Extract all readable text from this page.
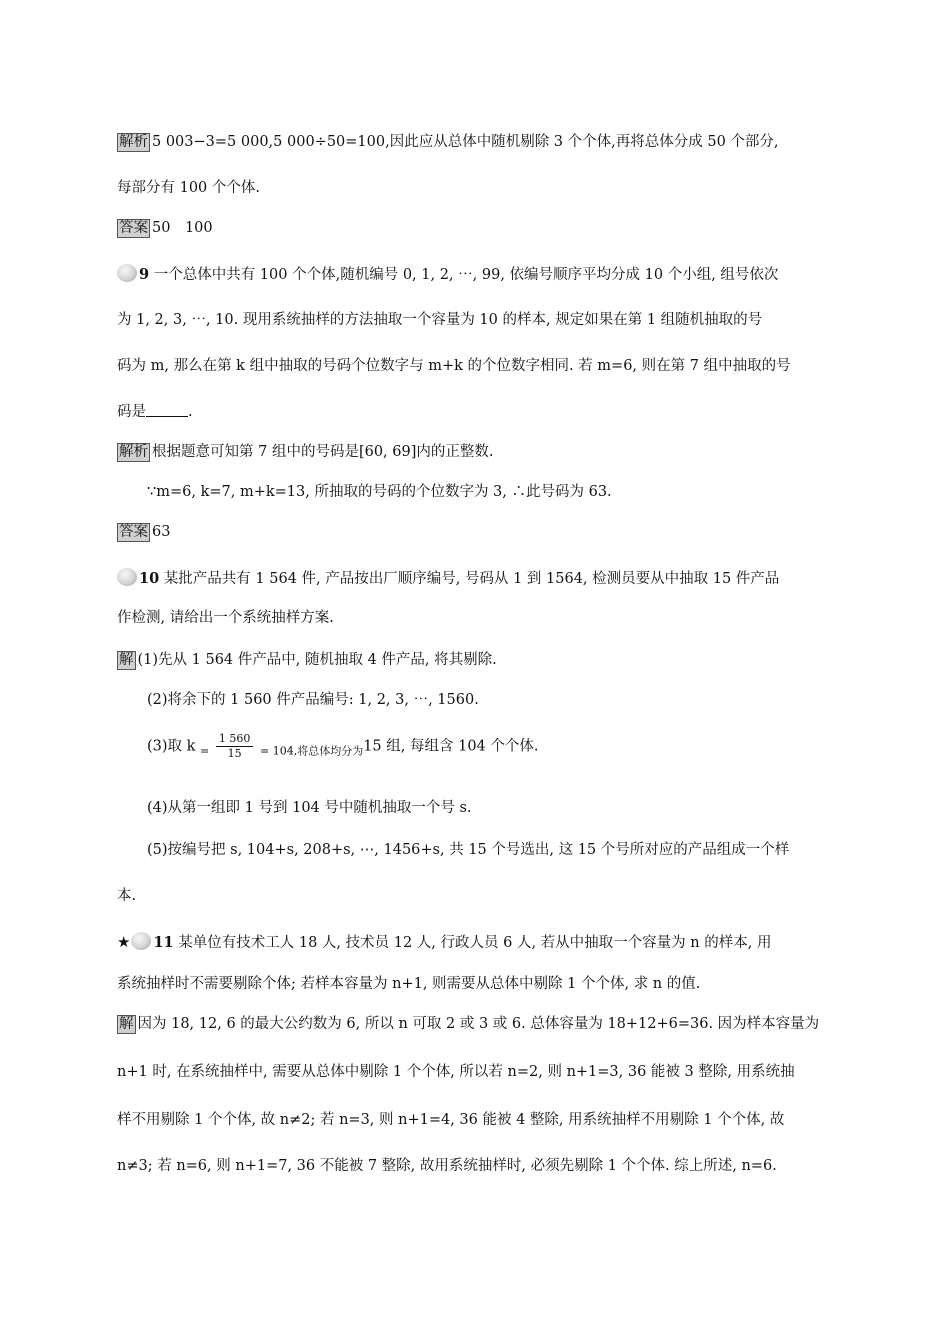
解析 5 003−3=5 000,5 000÷50=100,因此应从总体中随机剔除 3 个个体,再将总体分成 50 个部分,
每部分有 100 个个体.
答案 50　100
9 一个总体中共有 100 个个体,随机编号 0, 1, 2, ⋯, 99, 依编号顺序平均分成 10 个小组, 组号依次
为 1, 2, 3, ⋯, 10. 现用系统抽样的方法抽取一个容量为 10 的样本, 规定如果在第 1 组随机抽取的号
码为 m, 那么在第 k 组中抽取的号码个位数字与 m+k 的个位数字相同. 若 m=6, 则在第 7 组中抽取的号
码是	.
解析 根据题意可知第 7 组中的号码是[60, 69]内的正整数.
∵m=6, k=7, m+k=13, 所抽取的号码的个位数字为 3, ∴此号码为 63.
答案 63
10 某批产品共有 1 564 件, 产品按出厂顺序编号, 号码从 1 到 1564, 检测员要从中抽取 15 件产品
作检测, 请给出一个系统抽样方案.
解 (1)先从 1 564 件产品中, 随机抽取 4 件产品, 将其剔除.
(2)将余下的 1 560 件产品编号: 1, 2, 3, ⋯, 1560.
(3)取 k $_= \frac{1 560}{15} _{= 104,将总体均分为}15$ 组, 每组含 104 个个体.
(4)从第一组即 1 号到 104 号中随机抽取一个号 s.
(5)按编号把 s, 104+s, 208+s, ⋯, 1456+s, 共 15 个号选出, 这 15 个号所对应的产品组成一个样
本.
★ 11 某单位有技术工人 18 人, 技术员 12 人, 行政人员 6 人, 若从中抽取一个容量为 n 的样本, 用
系统抽样时不需要剔除个体; 若样本容量为 n+1, 则需要从总体中剔除 1 个个体, 求 n 的值.
解 因为 18, 12, 6 的最大公约数为 6, 所以 n 可取 2 或 3 或 6. 总体容量为 18+12+6=36. 因为样本容量为
n+1 时, 在系统抽样中, 需要从总体中剔除 1 个个体, 所以若 n=2, 则 n+1=3, 36 能被 3 整除, 用系统抽
样不用剔除 1 个个体, 故 n≠2; 若 n=3, 则 n+1=4, 36 能被 4 整除, 用系统抽样不用剔除 1 个个体, 故
n≠3; 若 n=6, 则 n+1=7, 36 不能被 7 整除, 故用系统抽样时, 必须先剔除 1 个个体. 综上所述, n=6.
